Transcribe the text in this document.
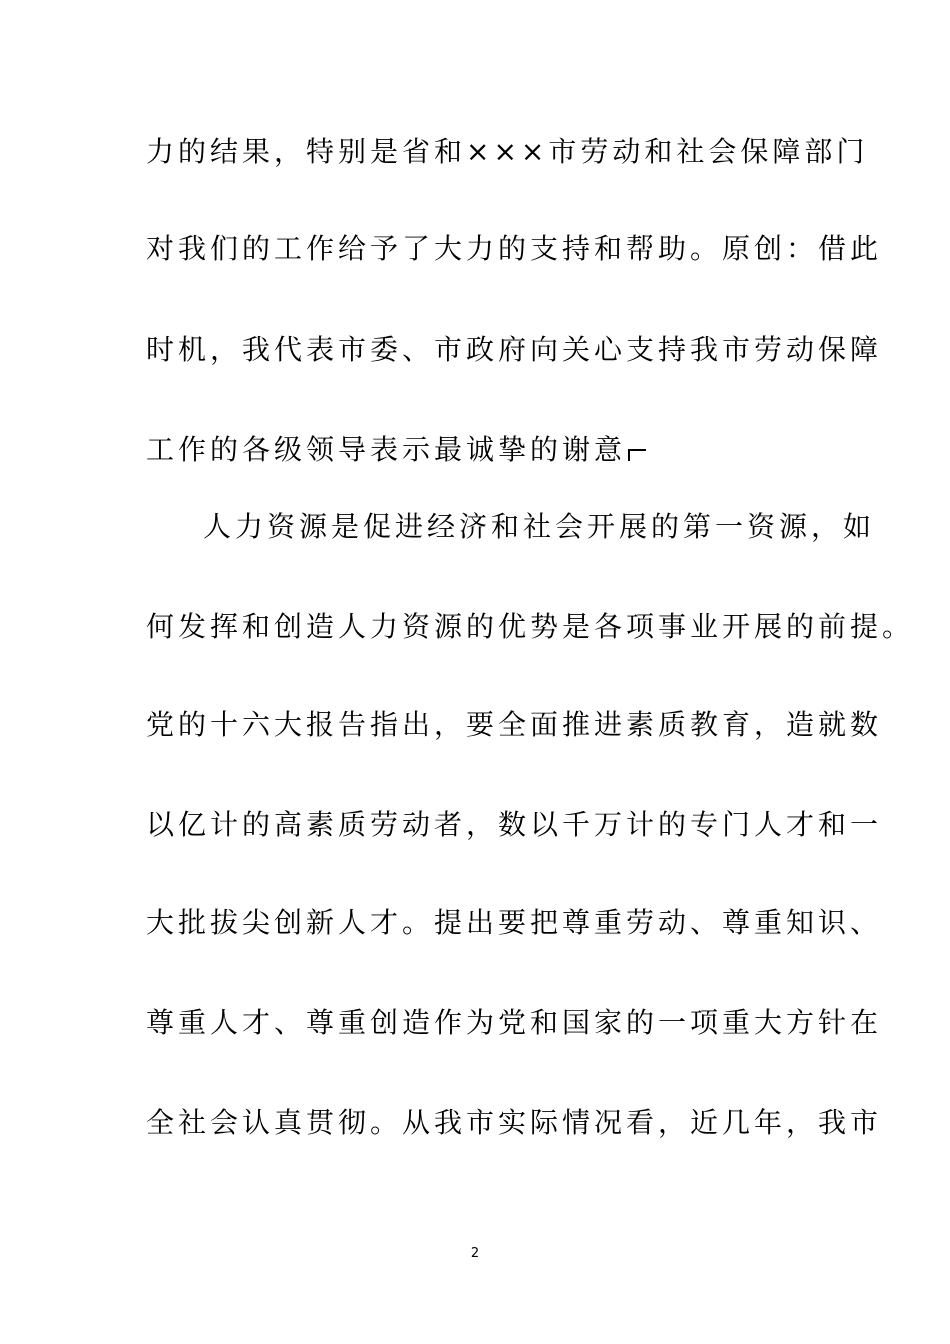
力的结果，特别是省和×××市劳动和社会保障部门
对我们的工作给予了大力的支持和帮助。原创：借此
时机，我代表市委、市政府向关心支持我市劳动保障
工作的各级领导表示最诚挚的谢意
人力资源是促进经济和社会开展的第一资源，如
何发挥和创造人力资源的优势是各项事业开展的前提。
党的十六大报告指出，要全面推进素质教育，造就数
以亿计的高素质劳动者，数以千万计的专门人才和一
大批拔尖创新人才。提出要把尊重劳动、尊重知识、
尊重人才、尊重创造作为党和国家的一项重大方针在
全社会认真贯彻。从我市实际情况看，近几年，我市
2
